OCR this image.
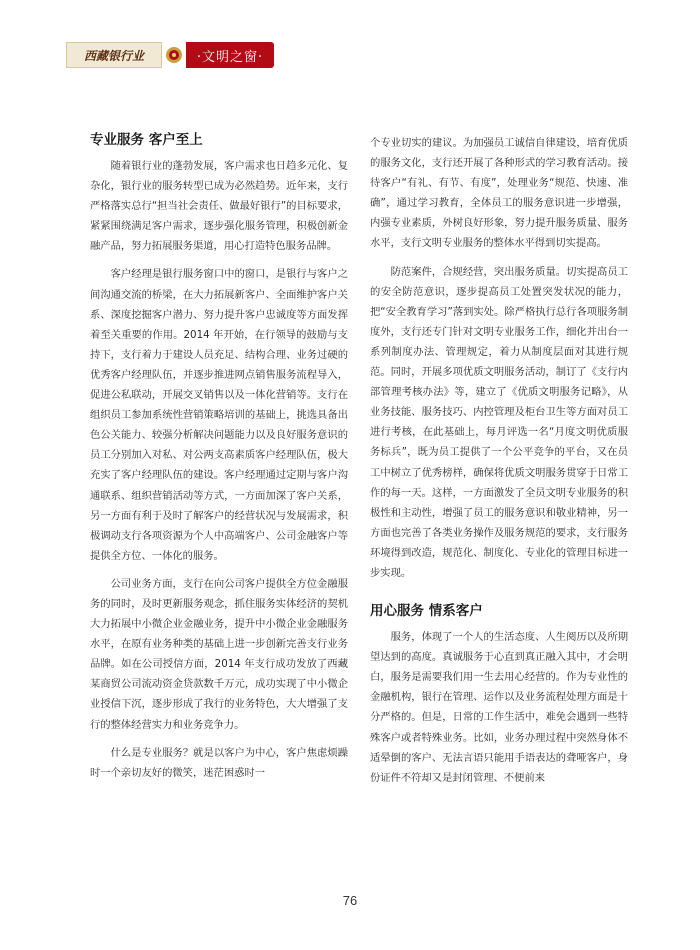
西藏银行业	·文明之窗·
专业服务 客户至上

随着银行业的蓬勃发展，客户需求也日趋多元化、复杂化，银行业的服务转型已成为必然趋势。近年来，支行严格落实总行“担当社会责任、做最好银行”的目标要求，紧紧围绕满足客户需求，逐步强化服务管理，积极创新金融产品，努力拓展服务渠道，用心打造特色服务品牌。

客户经理是银行服务窗口中的窗口，是银行与客户之间沟通交流的桥梁，在大力拓展新客户、全面维护客户关系、深度挖掘客户潜力、努力提升客户忠诚度等方面发挥着至关重要的作用。2014 年开始，在行领导的鼓励与支持下，支行着力于建设人员充足、结构合理、业务过硬的优秀客户经理队伍，并逐步推进网点销售服务流程导入，促进公私联动，开展交叉销售以及一体化营销等。支行在组织员工参加系统性营销策略培训的基础上，挑选具备出色公关能力、较强分析解决问题能力以及良好服务意识的员工分别加入对私、对公两支高素质客户经理队伍，极大充实了客户经理队伍的建设。客户经理通过定期与客户沟通联系、组织营销活动等方式，一方面加深了客户关系，另一方面有利于及时了解客户的经营状况与发展需求，积极调动支行各项资源为个人中高端客户、公司金融客户等提供全方位、一体化的服务。

公司业务方面，支行在向公司客户提供全方位金融服务的同时，及时更新服务观念，抓住服务实体经济的契机大力拓展中小微企业金融业务，提升中小微企业金融服务水平，在原有业务种类的基础上进一步创新完善支行业务品牌。如在公司授信方面，2014 年支行成功发放了西藏某商贸公司流动资金贷款数千万元，成功实现了中小微企业授信下沉，逐步形成了我行的业务特色，大大增强了支行的整体经营实力和业务竞争力。

什么是专业服务？就是以客户为中心，客户焦虑烦躁时一个亲切友好的微笑，迷茫困惑时一

个专业切实的建议。为加强员工诚信自律建设，培育优质的服务文化，支行还开展了各种形式的学习教育活动。接待客户“有礼、有节、有度”，处理业务“规范、快速、准确”，通过学习教育，全体员工的服务意识进一步增强，内强专业素质，外树良好形象，努力提升服务质量、服务水平，支行文明专业服务的整体水平得到切实提高。

防范案件，合规经营，突出服务质量。切实提高员工的安全防范意识，逐步提高员工处置突发状况的能力，把“安全教育学习”落到实处。除严格执行总行各项服务制度外，支行还专门针对文明专业服务工作，细化并出台一系列制度办法、管理规定，着力从制度层面对其进行规范。同时，开展多项优质文明服务活动，制订了《支行内部管理考核办法》等，建立了《优质文明服务记略》，从业务技能、服务技巧、内控管理及柜台卫生等方面对员工进行考核，在此基础上，每月评选一名“月度文明优质服务标兵”，既为员工提供了一个公平竞争的平台，又在员工中树立了优秀榜样，确保将优质文明服务贯穿于日常工作的每一天。这样，一方面激发了全员文明专业服务的积极性和主动性，增强了员工的服务意识和敬业精神，另一方面也完善了各类业务操作及服务规范的要求，支行服务环境得到改造，规范化、制度化、专业化的管理目标进一步实现。

用心服务 情系客户

服务，体现了一个人的生活态度、人生阅历以及所期望达到的高度。真诚服务于心直到真正融入其中，才会明白，服务是需要我们用一生去用心经营的。作为专业性的金融机构，银行在管理、运作以及业务流程处理方面是十分严格的。但是，日常的工作生活中，难免会遇到一些特殊客户或者特殊业务。比如，业务办理过程中突然身体不适晕倒的客户、无法言语只能用手语表达的聋哑客户，身份证件不符却又是封闭管理、不便前来

76
